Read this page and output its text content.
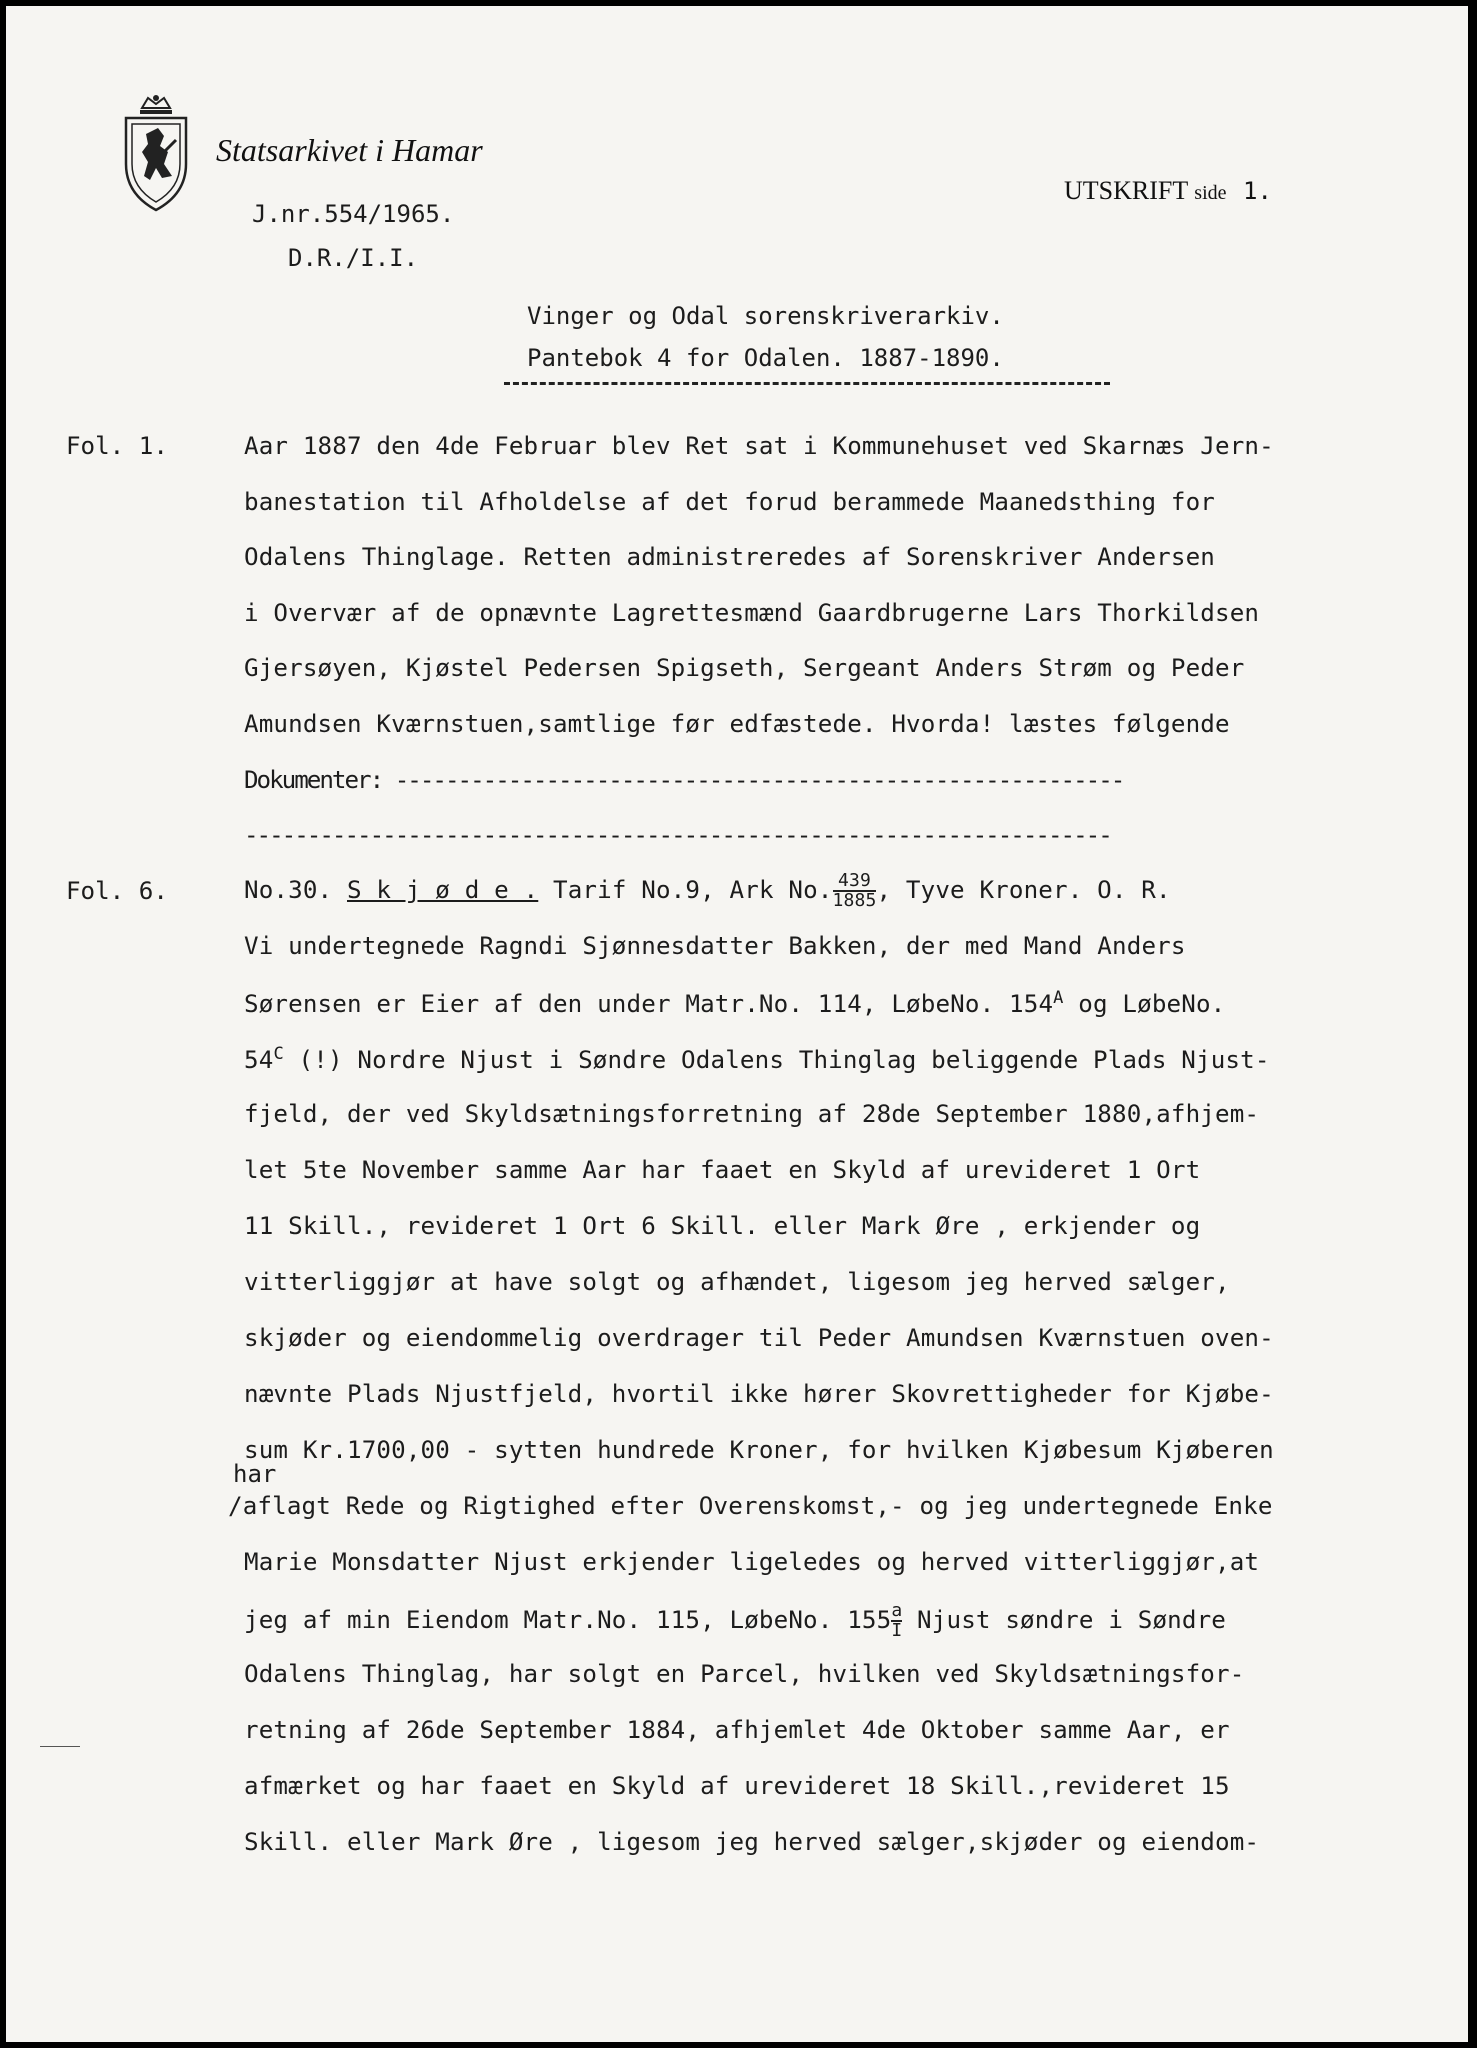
Statsarkivet i Hamar
UTSKRIFT side 1.
J.nr.554/1965.
D.R./I.I.
Vinger og Odal sorenskriverarkiv.
Pantebok 4 for Odalen. 1887-1890.
Fol. 1.	Aar 1887 den 4de Februar blev Ret sat i Kommunehuset ved Skarnæs Jern-
banestation til Afholdelse af det forud berammede Maanedsthing for
Odalens Thinglage. Retten administreredes af Sorenskriver Andersen
i Overvær af de opnævnte Lagrettesmænd Gaardbrugerne Lars Thorkildsen
Gjersøyen, Kjøstel Pedersen Spigseth, Sergeant Anders Strøm og Peder
Amundsen Kværnstuen,samtlige før edfæstede. Hvorda! læstes følgende
Dokumenter: ----------------------------------------------------------
---------------------------------------------------------------------
Fol. 6.	No.30. S k j ø d e . Tarif No.9, Ark No. $\frac{439}{1885}$ , Tyve Kroner. O. R.
Vi undertegnede Ragndi Sjønnesdatter Bakken, der med Mand Anders
Sørensen er Eier af den under Matr.No. 114, LøbeNo. $154^A$ og LøbeNo.
$54^C$ (!) Nordre Njust i Søndre Odalens Thinglag beliggende Plads Njust-
fjeld, der ved Skyldsætningsforretning af 28de September 1880,afhjem-
let 5te November samme Aar har faaet en Skyld af urevideret 1 Ort
11 Skill., revideret 1 Ort 6 Skill. eller Mark Øre , erkjender og
vitterliggjør at have solgt og afhændet, ligesom jeg herved sælger,
skjøder og eiendommelig overdrager til Peder Amundsen Kværnstuen oven-
nævnte Plads Njustfjeld, hvortil ikke hører Skovrettigheder for Kjøbe-
sum Kr.1700,00 - sytten hundrede Kroner, for hvilken Kjøbesum Kjøberen
har
/aflagt Rede og Rigtighed efter Overenskomst,- og jeg undertegnede Enke
Marie Monsdatter Njust erkjender ligeledes og herved vitterliggjør,at
jeg af min Eiendom Matr.No. 115, LøbeNo. $155 \frac{a}{I}$ Njust søndre i Søndre
Odalens Thinglag, har solgt en Parcel, hvilken ved Skyldsætningsfor-
retning af 26de September 1884, afhjemlet 4de Oktober samme Aar, er
afmærket og har faaet en Skyld af urevideret 18 Skill.,revideret 15
Skill. eller Mark Øre , ligesom jeg herved sælger,skjøder og eiendom-
